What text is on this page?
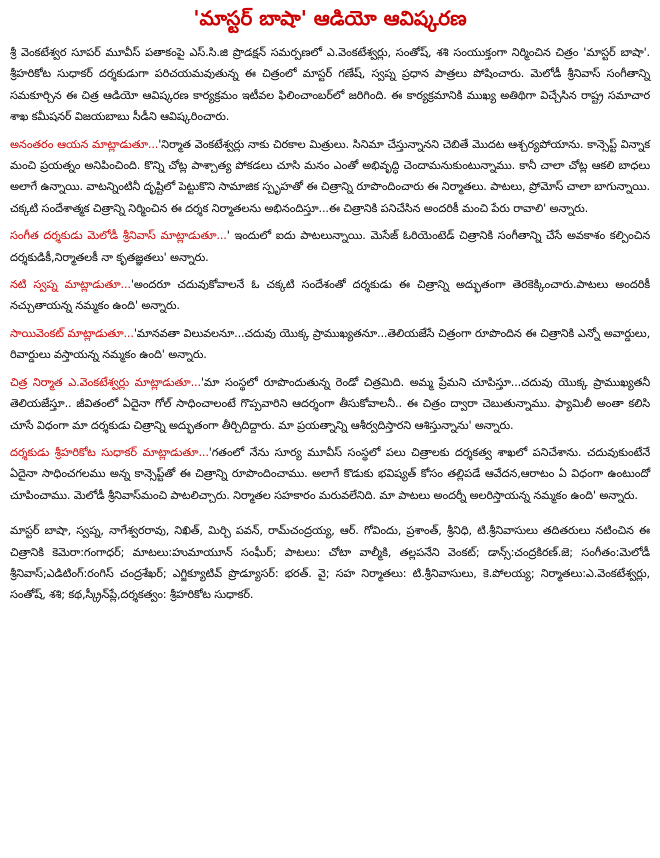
'మాస్టర్ బాషా' ఆడియో ఆవిష్కరణ

శ్రీ వెంకటేశ్వర సూపర్ మూవీస్ పతాకంపై ఎస్.సి.జి ప్రొడక్షన్ సమర్పణలో ఎ.వెంకటేశ్వర్లు, సంతోష్, శశి సంయుక్తంగా నిర్మించిన చిత్రం 'మాస్టర్ బాషా'. శ్రీహరికోట సుధాకర్ దర్శకుడుగా పరిచయమవుతున్న ఈ చిత్రంలో మాస్టర్ గణేష్, స్వప్న ప్రధాన పాత్రలు పోషించారు. మెలోడీ శ్రీనివాస్ సంగీతాన్ని సమకూర్చిన ఈ చిత్ర ఆడియో ఆవిష్కరణ కార్యక్రమం ఇటీవల ఫిలించాంబర్‌లో జరిగింది. ఈ కార్యక్రమానికి ముఖ్య అతిథిగా విచ్చేసిన రాష్ట్ర సమాచార శాఖ కమీషనర్ విజయబాబు సీడీని ఆవిష్కరించారు.

అనంతరం ఆయన మాట్లాడుతూ...'నిర్మాత వెంకటేశ్వర్లు నాకు చిరకాల మిత్రులు. సినిమా చేస్తున్నానని చెబితే మొదట ఆశ్చర్యపోయాను. కాన్సెప్ట్ విన్నాక మంచి ప్రయత్నం అనిపించింది. కొన్ని చోట్ల పాశ్చాత్య పోకడలు చూసి మనం ఎంతో అభివృద్ధి చెందామనుకుంటున్నాము. కానీ చాలా చోట్ల ఆకలి బాధలు అలాగే ఉన్నాయి. వాటన్నింటినీ దృష్టిలో పెట్టుకొని సామాజిక స్పృహతో ఈ చిత్రాన్ని రూపొందించారు ఈ నిర్మాతలు. పాటలు, ప్రోమోస్ చాలా బాగున్నాయి. చక్కటి సందేశాత్మక చిత్రాన్ని నిర్మించిన ఈ దర్శక నిర్మాతలను అభినందిస్తూ...ఈ చిత్రానికి పనిచేసిన అందరికీ మంచి పేరు రావాలి' అన్నారు.

సంగీత దర్శకుడు మెలోడీ శ్రీనివాస్ మాట్లాడుతూ...' ఇందులో ఐదు పాటలున్నాయి. మెసేజ్ ఓరియెంటెడ్ చిత్రానికి సంగీతాన్ని చేసే అవకాశం కల్పించిన దర్శకుడికీ,నిర్మాతలకీ నా కృతజ్ఞతలు' అన్నారు.

నటి స్వప్న మాట్లాడుతూ...'అందరూ చదువుకోవాలనే ఓ చక్కటి సందేశంతో దర్శకుడు ఈ చిత్రాన్ని అద్భుతంగా తెరకెక్కించారు.పాటలు అందరికీ నచ్చుతాయన్న నమ్మకం ఉంది' అన్నారు.

సాయివెంకట్ మాట్లాడుతూ...'మానవతా విలువలనూ...చదువు యొక్క ప్రాముఖ్యతనూ...తెలియజేసే చిత్రంగా రూపొందిన ఈ చిత్రానికి ఎన్నో అవార్డులు, రివార్డులు వస్తాయన్న నమ్మకం ఉంది' అన్నారు.

చిత్ర నిర్మాత ఎ.వెంకటేశ్వర్లు మాట్లాడుతూ...'మా సంస్థలో రూపొందుతున్న రెండో చిత్రమిది. అమ్మ ప్రేమని చూపిస్తూ...చదువు యొక్క ప్రాముఖ్యతనీ తెలియజేస్తూ.. జీవితంలో ఏదైనా గోల్ సాధించాలంటే గొప్పవారిని ఆదర్శంగా తీసుకోవాలనీ.. ఈ చిత్రం ద్వారా చెబుతున్నాము. ఫ్యామిలీ అంతా కలిసి చూసే విధంగా మా దర్శకుడు చిత్రాన్ని అద్భుతంగా తీర్చిదిద్దారు. మా ప్రయత్నాన్ని ఆశీర్వదిస్తారని ఆశిస్తున్నాను' అన్నారు.

దర్శకుడు శ్రీహరికోట సుధాకర్ మాట్లాడుతూ...'గతంలో నేను సూర్య మూవీస్ సంస్థలో పలు చిత్రాలకు దర్శకత్వ శాఖలో పనిచేశాను. చదువుకుంటేనే ఏదైనా సాధించగలము అన్న కాన్సెప్ట్‌తో ఈ చిత్రాన్ని రూపొందించాము. అలాగే కొడుకు భవిష్యత్ కోసం తల్లిపడే ఆవేదన,ఆరాటం ఏ విధంగా ఉంటుందో చూపించాము. మెలోడీ శ్రీనివాస్‌మంచి పాటలిచ్చారు. నిర్మాతల సహకారం మరువలేనిది. మా పాటలు అందర్నీ అలరిస్తాయన్న నమ్మకం ఉంది' అన్నారు.

మాస్టర్ బాషా, స్వప్న, నాగేశ్వరరావు, నిఖిత్, మిర్చి పవన్, రామ్‌చంద్రయ్య, ఆర్. గోవిందు, ప్రశాంత్, శ్రీనిధి, టి.శ్రీనివాసులు తదితరులు నటించిన ఈ చిత్రానికి కెమెరా:గంగాధర్; మాటలు:హుమాయూన్ సంఘీర్; పాటలు: చోటా వాల్మీకి, తల్లపనేని వెంకట్; డాన్స్:చంద్రకిరణ్.జె; సంగీతం:మెలోడీ శ్రీనివాస్;ఎడిటింగ్:రంగిస్ చంద్రశేఖర్; ఎగ్జిక్యూటివ్ ప్రొడ్యూసర్: భరత్. వై; సహ నిర్మాతలు: టి.శ్రీనివాసులు, కె.పోలయ్య; నిర్మాతలు:ఎ.వెంకటేశ్వర్లు, సంతోష్, శశి; కథ,స్క్రీన్‌ప్లే,దర్శకత్వం: శ్రీహరికోట సుధాకర్.
